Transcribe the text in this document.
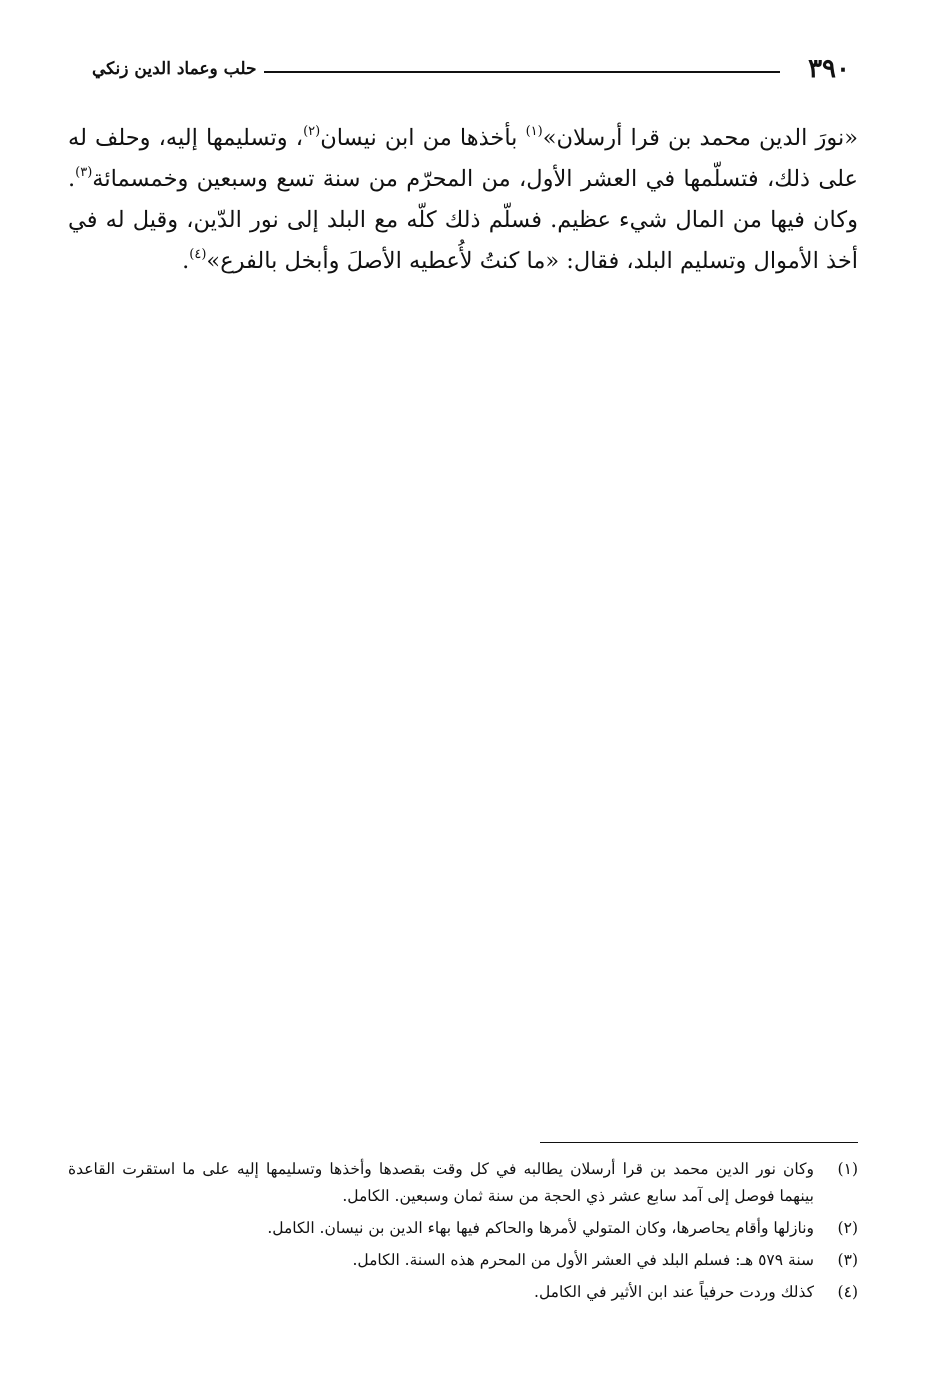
٣٩٠
حلب وعماد الدين زنكي

«نورَ الدين محمد بن قرا أرسلان»$^{(١)}$ بأخذها من ابن نيسان$^{(٢)}$، وتسليمها إليه، وحلف له على ذلك، فتسلّمها في العشر الأول، من المحرّم من سنة تسع وسبعين وخمسمائة$^{(٣)}$. وكان فيها من المال شيء عظيم. فسلّم ذلك كلّه مع البلد إلى نور الدّين، وقيل له في أخذ الأموال وتسليم البلد، فقال: «ما كنتُ لأُعطيه الأصلَ وأبخل بالفرع»$^{(٤)}$.

(١)
وكان نور الدين محمد بن قرا أرسلان يطالبه في كل وقت بقصدها وأخذها وتسليمها إليه على ما استقرت القاعدة بينهما فوصل إلى آمد سابع عشر ذي الحجة من سنة ثمان وسبعين. الكامل.

(٢)
ونازلها وأقام يحاصرها، وكان المتولي لأمرها والحاكم فيها بهاء الدين بن نيسان. الكامل.

(٣)
سنة ٥٧٩ هـ: فسلم البلد في العشر الأول من المحرم هذه السنة. الكامل.

(٤)
كذلك وردت حرفياً عند ابن الأثير في الكامل.
